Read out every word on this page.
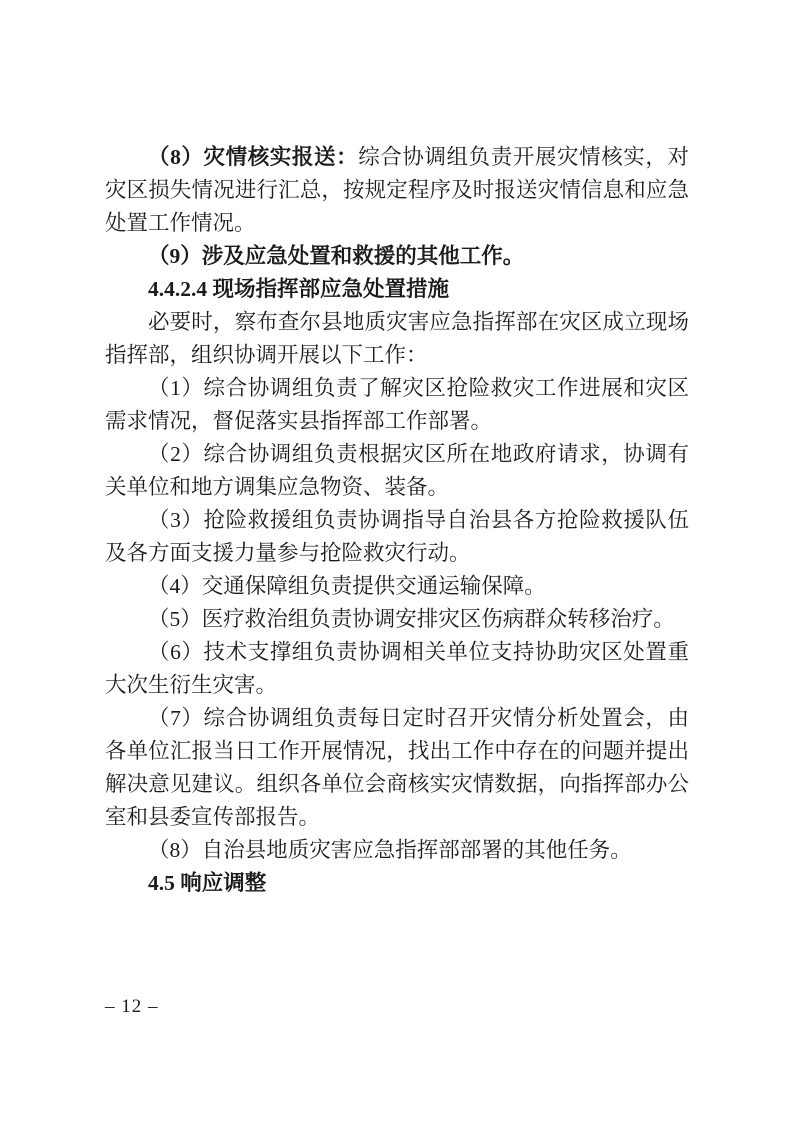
（8）灾情核实报送：综合协调组负责开展灾情核实，对灾区损失情况进行汇总，按规定程序及时报送灾情信息和应急处置工作情况。

（9）涉及应急处置和救援的其他工作。

4.4.2.4 现场指挥部应急处置措施

必要时，察布查尔县地质灾害应急指挥部在灾区成立现场指挥部，组织协调开展以下工作：

（1）综合协调组负责了解灾区抢险救灾工作进展和灾区需求情况，督促落实县指挥部工作部署。

（2）综合协调组负责根据灾区所在地政府请求，协调有关单位和地方调集应急物资、装备。

（3）抢险救援组负责协调指导自治县各方抢险救援队伍及各方面支援力量参与抢险救灾行动。

（4）交通保障组负责提供交通运输保障。

（5）医疗救治组负责协调安排灾区伤病群众转移治疗。

（6）技术支撑组负责协调相关单位支持协助灾区处置重大次生衍生灾害。

（7）综合协调组负责每日定时召开灾情分析处置会，由各单位汇报当日工作开展情况，找出工作中存在的问题并提出解决意见建议。组织各单位会商核实灾情数据，向指挥部办公室和县委宣传部报告。

（8）自治县地质灾害应急指挥部部署的其他任务。

4.5 响应调整

– 12 –
